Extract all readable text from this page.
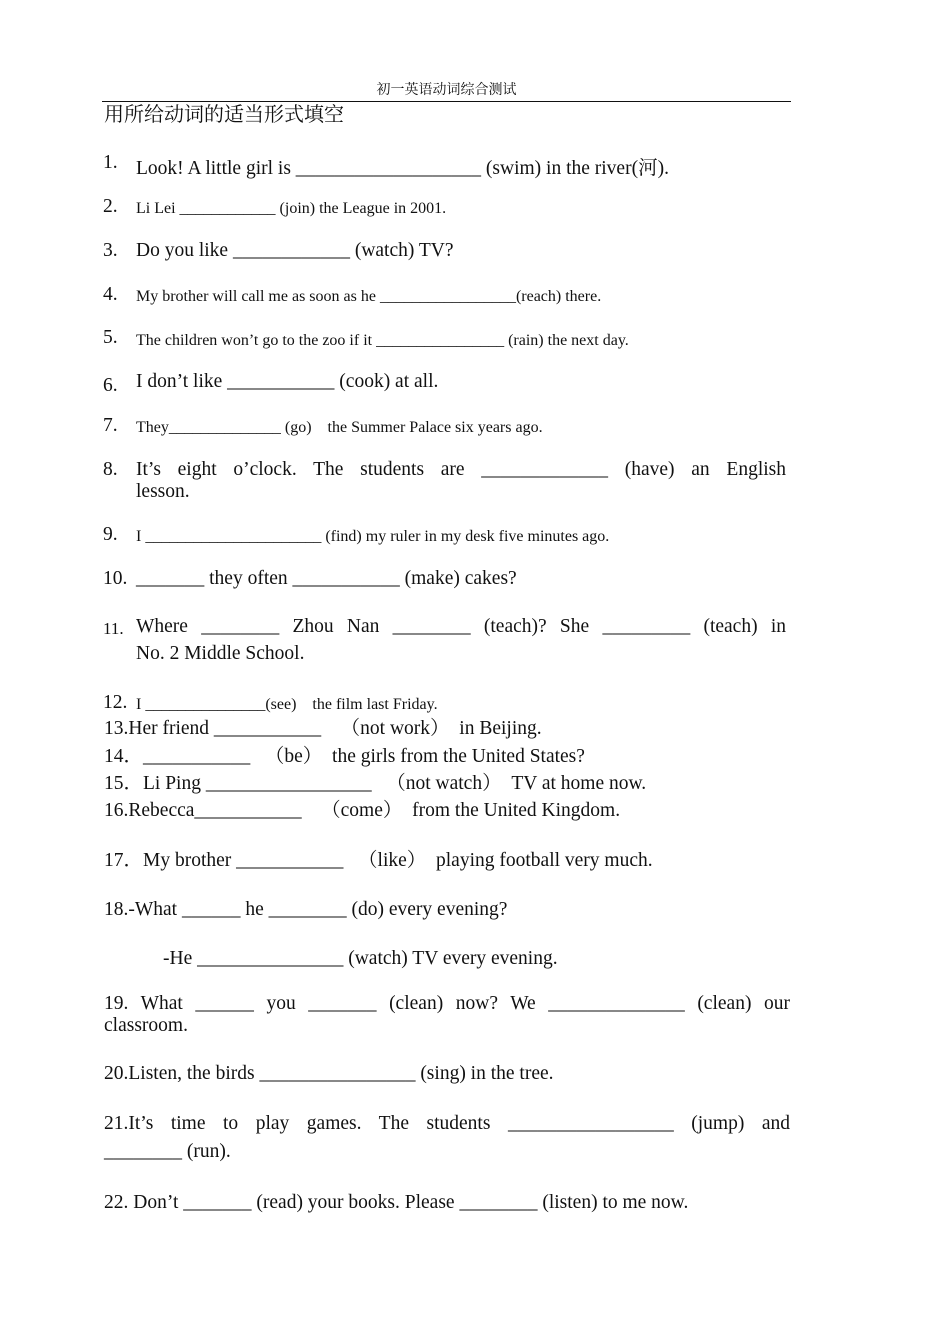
初一英语动词综合测试
用所给动词的适当形式填空
1. Look! A little girl is ___________________ (swim) in the river(河).
2. Li Lei ____________ (join) the League in 2001.
3. Do you like ____________ (watch) TV?
4. My brother will call me as soon as he _________________(reach) there.
5. The children won’t go to the zoo if it ________________ (rain) the next day.
6. I don’t like ___________ (cook) at all.
7. They______________ (go)    the Summer Palace six years ago.
8. It’s eight o’clock. The students are _____________ (have) an English
lesson.
9. I ______________________ (find) my ruler in my desk five minutes ago.
10. _______ they often ___________ (make) cakes?
11. Where ________ Zhou Nan ________ (teach)? She _________ (teach) in
No. 2 Middle School.
12. I _______________(see)    the film last Friday.
13.Her friend ___________    （not work）  in Beijing.
14．___________   （be）  the girls from the United States?
15．Li Ping _________________   （not watch）  TV at home now.
16.Rebecca___________    （come）  from the United Kingdom.
17．My brother ___________   （like）  playing football very much.
18.-What ______ he ________ (do) every evening?
-He _______________ (watch) TV every evening.
19. What ______ you _______ (clean) now? We ______________ (clean) our
classroom.
20.Listen, the birds ________________ (sing) in the tree.
21.It’s time to play games. The students _________________ (jump) and
________ (run).
22. Don’t _______ (read) your books. Please ________ (listen) to me now.
